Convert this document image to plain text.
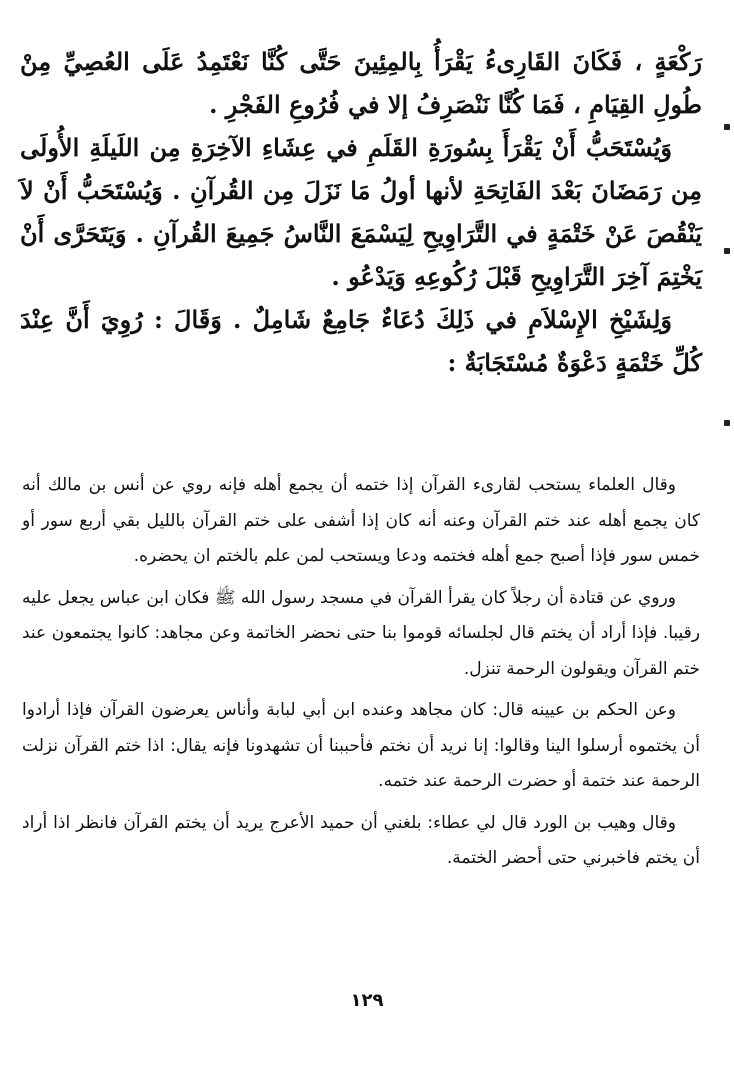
رَكْعَةٍ ، فَكَانَ القَارِىءُ يَقْرَأُ بِالمِئِينَ حَتَّى كُنَّا نَعْتَمِدُ عَلَى العُصِيِّ مِنْ طُولِ القِيَامِ ، فَمَا كُنَّا نَنْصَرِفُ إلا في فُرُوعِ الفَجْرِ .

وَيُسْتَحَبُّ أَنْ يَقْرَأَ بِسُورَةِ القَلَمِ في عِشَاءِ الآخِرَةِ مِن اللَيلَةِ الأُولَى مِن رَمَضَانَ بَعْدَ الفَاتِحَةِ لأنها أولُ مَا نَزَلَ مِن القُرآنِ . وَيُسْتَحَبُّ أَنْ لاَ يَنْقُصَ عَنْ خَتْمَةٍ في التَّرَاوِيحِ لِيَسْمَعَ النَّاسُ جَمِيعَ القُرآنِ . وَيَتَحَرَّى أَنْ يَخْتِمَ آخِرَ التَّرَاوِيحِ قَبْلَ رُكُوعِهِ وَيَدْعُو .

وَلِشَيْخِ الإِسْلاَمِ في ذَلِكَ دُعَاءٌ جَامِعٌ شَامِلٌ . وَقَالَ : رُوِيَ أَنَّ عِنْدَ كُلِّ خَتْمَةٍ دَعْوَةٌ مُسْتَجَابَةٌ :

وقال العلماء يستحب لقارىء القرآن إذا ختمه أن يجمع أهله فإنه روي عن أنس بن مالك أنه كان يجمع أهله عند ختم القرآن وعنه أنه كان إذا أشفى على ختم القرآن بالليل بقي أربع سور أو خمس سور فإذا أصبح جمع أهله فختمه ودعا ويستحب لمن علم بالختم ان يحضره.

وروي عن قتادة أن رجلاً كان يقرأ القرآن في مسجد رسول الله ﷺ فكان ابن عباس يجعل عليه رقيبا. فإذا أراد أن يختم قال لجلسائه قوموا بنا حتى نحضر الخاتمة وعن مجاهد: كانوا يجتمعون عند ختم القرآن ويقولون الرحمة تنزل.

وعن الحكم بن عيينه قال: كان مجاهد وعنده ابن أبي لبابة وأناس يعرضون القرآن فإذا أرادوا أن يختموه أرسلوا الينا وقالوا: إنا نريد أن نختم فأحببنا أن تشهدونا فإنه يقال: اذا ختم القرآن نزلت الرحمة عند ختمة أو حضرت الرحمة عند ختمه.

وقال وهيب بن الورد قال لي عطاء: بلغني أن حميد الأعرج يريد أن يختم القرآن فانظر اذا أراد أن يختم فاخبرني حتى أحضر الختمة.

١٢٩
